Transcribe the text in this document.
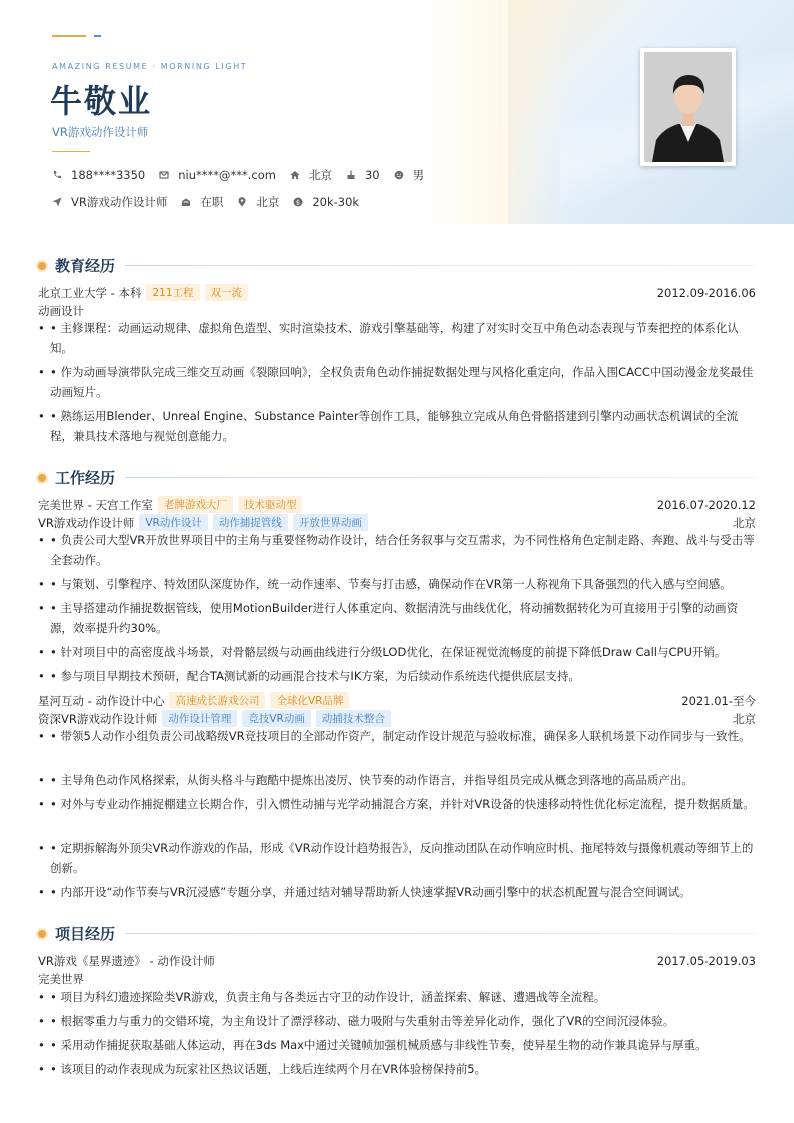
AMAZING RESUME · MORNING LIGHT
牛敬业
VR游戏动作设计师
188****3350	niu****@***.com	北京	30	男
VR游戏动作设计师	在职	北京	$ 20k-30k
教育经历
北京工业大学 - 本科	211工程	双一流	2012.09-2016.06
动画设计
• • 主修课程：动画运动规律、虚拟角色造型、实时渲染技术、游戏引擎基础等，构建了对实时交互中角色动态表现与节奏把控的体系化认知。
• • 作为动画导演带队完成三维交互动画《裂隙回响》，全权负责角色动作捕捉数据处理与风格化重定向，作品入围CACC中国动漫金龙奖最佳动画短片。
• • 熟练运用Blender、Unreal Engine、Substance Painter等创作工具，能够独立完成从角色骨骼搭建到引擎内动画状态机调试的全流程，兼具技术落地与视觉创意能力。
工作经历
完美世界 - 天宫工作室	老牌游戏大厂	技术驱动型	2016.07-2020.12
VR游戏动作设计师	VR动作设计	动作捕捉管线	开放世界动画	北京
• • 负责公司大型VR开放世界项目中的主角与重要怪物动作设计，结合任务叙事与交互需求，为不同性格角色定制走路、奔跑、战斗与受击等全套动作。
• • 与策划、引擎程序、特效团队深度协作，统一动作速率、节奏与打击感，确保动作在VR第一人称视角下具备强烈的代入感与空间感。
• • 主导搭建动作捕捉数据管线，使用MotionBuilder进行人体重定向、数据清洗与曲线优化，将动捕数据转化为可直接用于引擎的动画资源，效率提升约30%。
• • 针对项目中的高密度战斗场景，对骨骼层级与动画曲线进行分级LOD优化，在保证视觉流畅度的前提下降低Draw Call与CPU开销。
• • 参与项目早期技术预研，配合TA测试新的动画混合技术与IK方案，为后续动作系统迭代提供底层支持。
星河互动 - 动作设计中心	高速成长游戏公司	全球化VR品牌	2021.01-至今
资深VR游戏动作设计师	动作设计管理	竞技VR动画	动捕技术整合	北京
• • 带领5人动作小组负责公司战略级VR竞技项目的全部动作资产，制定动作设计规范与验收标准，确保多人联机场景下动作同步与一致性。
• • 主导角色动作风格探索，从街头格斗与跑酷中提炼出凌厉、快节奏的动作语言，并指导组员完成从概念到落地的高品质产出。
• • 对外与专业动作捕捉棚建立长期合作，引入惯性动捕与光学动捕混合方案，并针对VR设备的快速移动特性优化标定流程，提升数据质量。
• • 定期拆解海外顶尖VR动作游戏的作品，形成《VR动作设计趋势报告》，反向推动团队在动作响应时机、拖尾特效与摄像机震动等细节上的创新。
• • 内部开设“动作节奏与VR沉浸感”专题分享，并通过结对辅导帮助新人快速掌握VR动画引擎中的状态机配置与混合空间调试。
项目经历
VR游戏《星界遗迹》 - 动作设计师	2017.05-2019.03
完美世界
• • 项目为科幻遗迹探险类VR游戏，负责主角与各类远古守卫的动作设计，涵盖探索、解谜、遭遇战等全流程。
• • 根据零重力与重力的交错环境，为主角设计了漂浮移动、磁力吸附与失重射击等差异化动作，强化了VR的空间沉浸体验。
• • 采用动作捕捉获取基础人体运动，再在3ds Max中通过关键帧加强机械质感与非线性节奏，使异星生物的动作兼具诡异与厚重。
• • 该项目的动作表现成为玩家社区热议话题，上线后连续两个月在VR体验榜保持前5。
